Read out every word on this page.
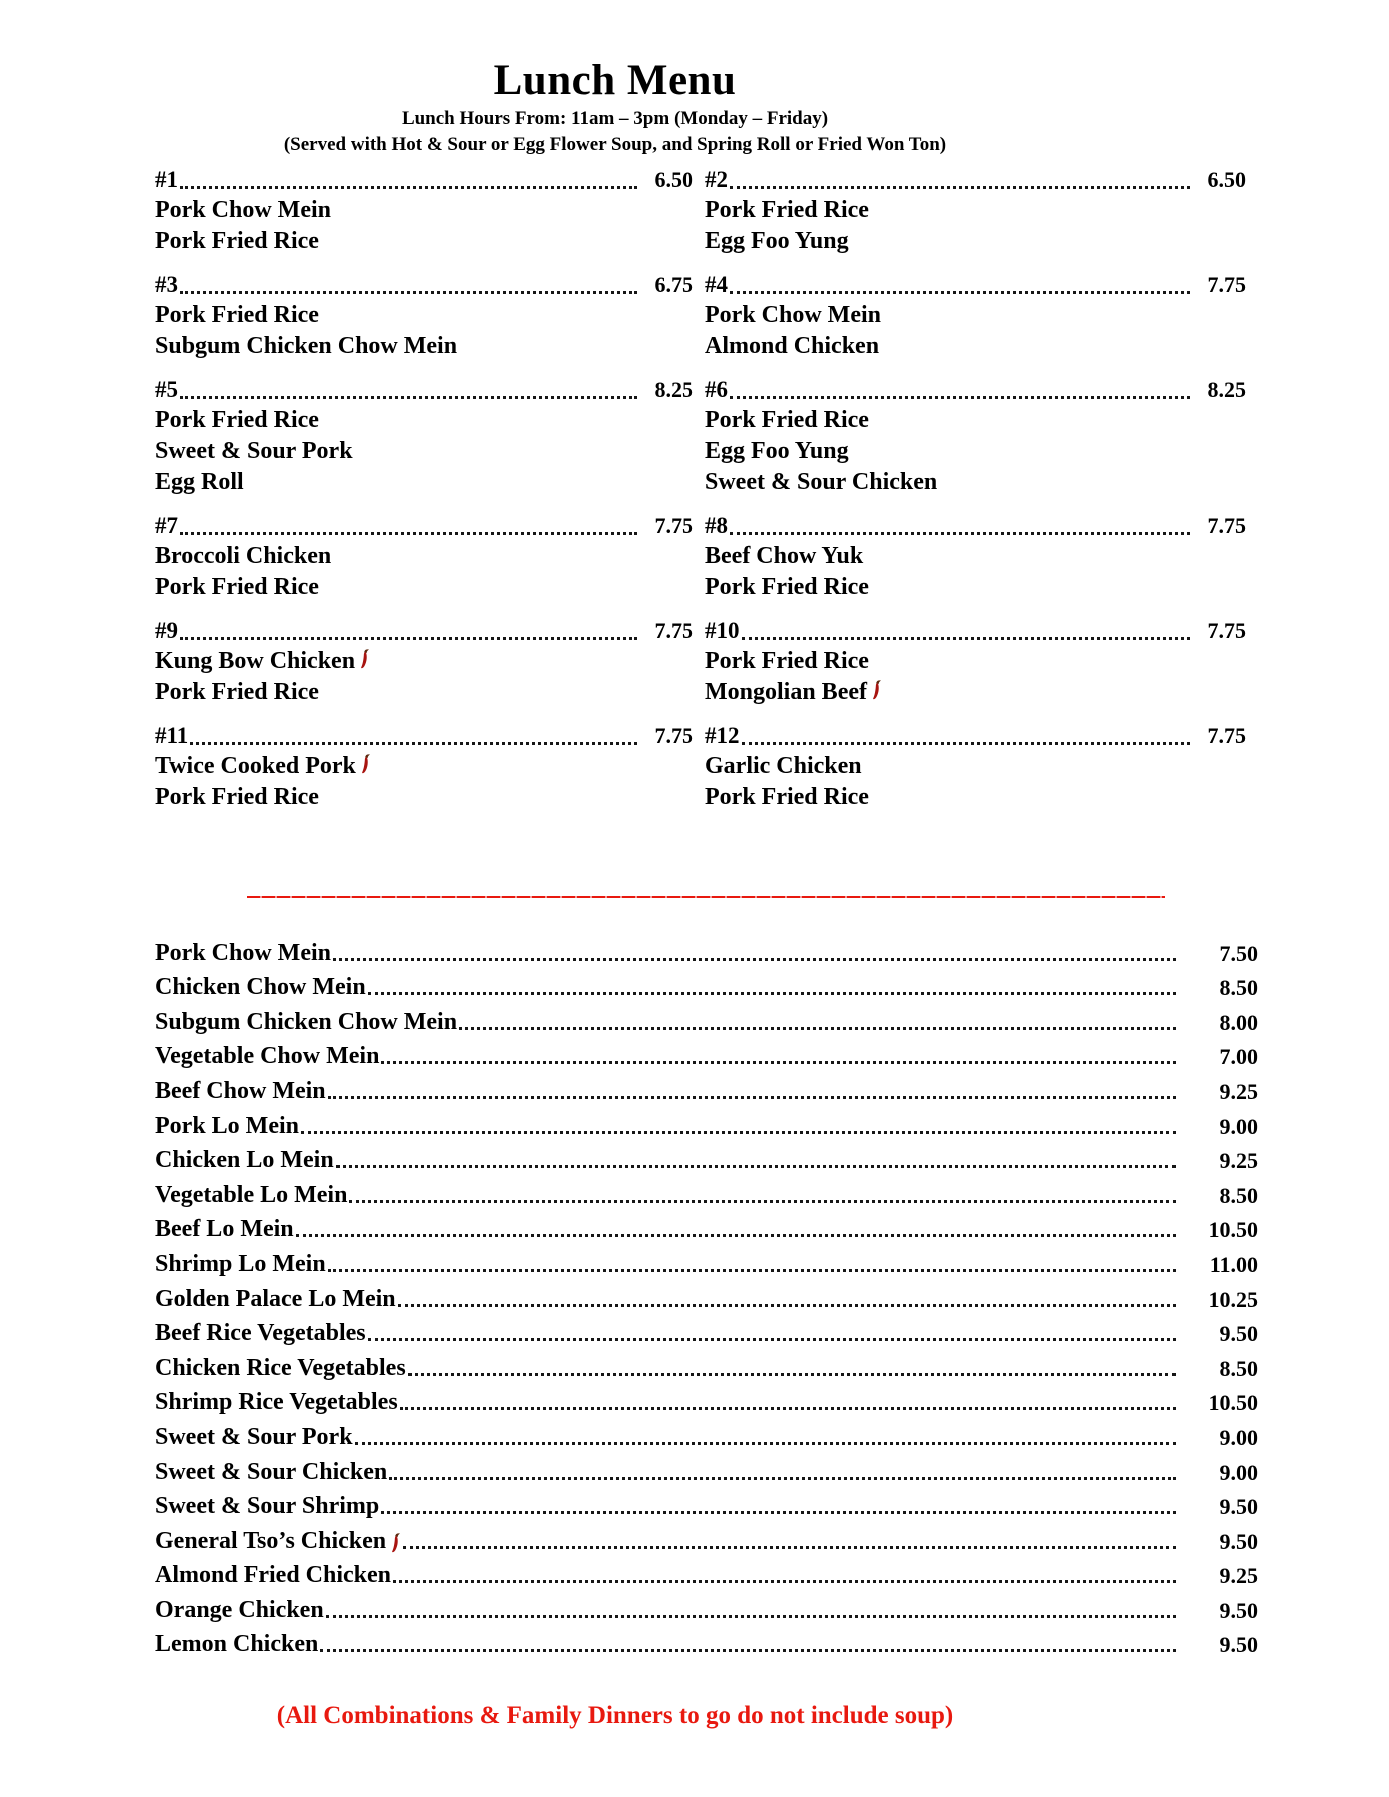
Lunch Menu
Lunch Hours From: 11am – 3pm (Monday – Friday)
(Served with Hot & Sour or Egg Flower Soup, and Spring Roll or Fried Won Ton)
#1	6.50
Pork Chow Mein
Pork Fried Rice
#2	6.50
Pork Fried Rice
Egg Foo Yung
#3	6.75
Pork Fried Rice
Subgum Chicken Chow Mein
#4	7.75
Pork Chow Mein
Almond Chicken
#5	8.25
Pork Fried Rice
Sweet & Sour Pork
Egg Roll
#6	8.25
Pork Fried Rice
Egg Foo Yung
Sweet & Sour Chicken
#7	7.75
Broccoli Chicken
Pork Fried Rice
#8	7.75
Beef Chow Yuk
Pork Fried Rice
#9	7.75
Kung Bow Chicken
Pork Fried Rice
#10	7.75
Pork Fried Rice
Mongolian Beef
#11	7.75
Twice Cooked Pork
Pork Fried Rice
#12	7.75
Garlic Chicken
Pork Fried Rice
Pork Chow Mein	7.50
Chicken Chow Mein	8.50
Subgum Chicken Chow Mein	8.00
Vegetable Chow Mein	7.00
Beef Chow Mein	9.25
Pork Lo Mein	9.00
Chicken Lo Mein	9.25
Vegetable Lo Mein	8.50
Beef Lo Mein	10.50
Shrimp Lo Mein	11.00
Golden Palace Lo Mein	10.25
Beef Rice Vegetables	9.50
Chicken Rice Vegetables	8.50
Shrimp Rice Vegetables	10.50
Sweet & Sour Pork	9.00
Sweet & Sour Chicken	9.00
Sweet & Sour Shrimp	9.50
General Tso’s Chicken	9.50
Almond Fried Chicken	9.25
Orange Chicken	9.50
Lemon Chicken	9.50
(All Combinations & Family Dinners to go do not include soup)
